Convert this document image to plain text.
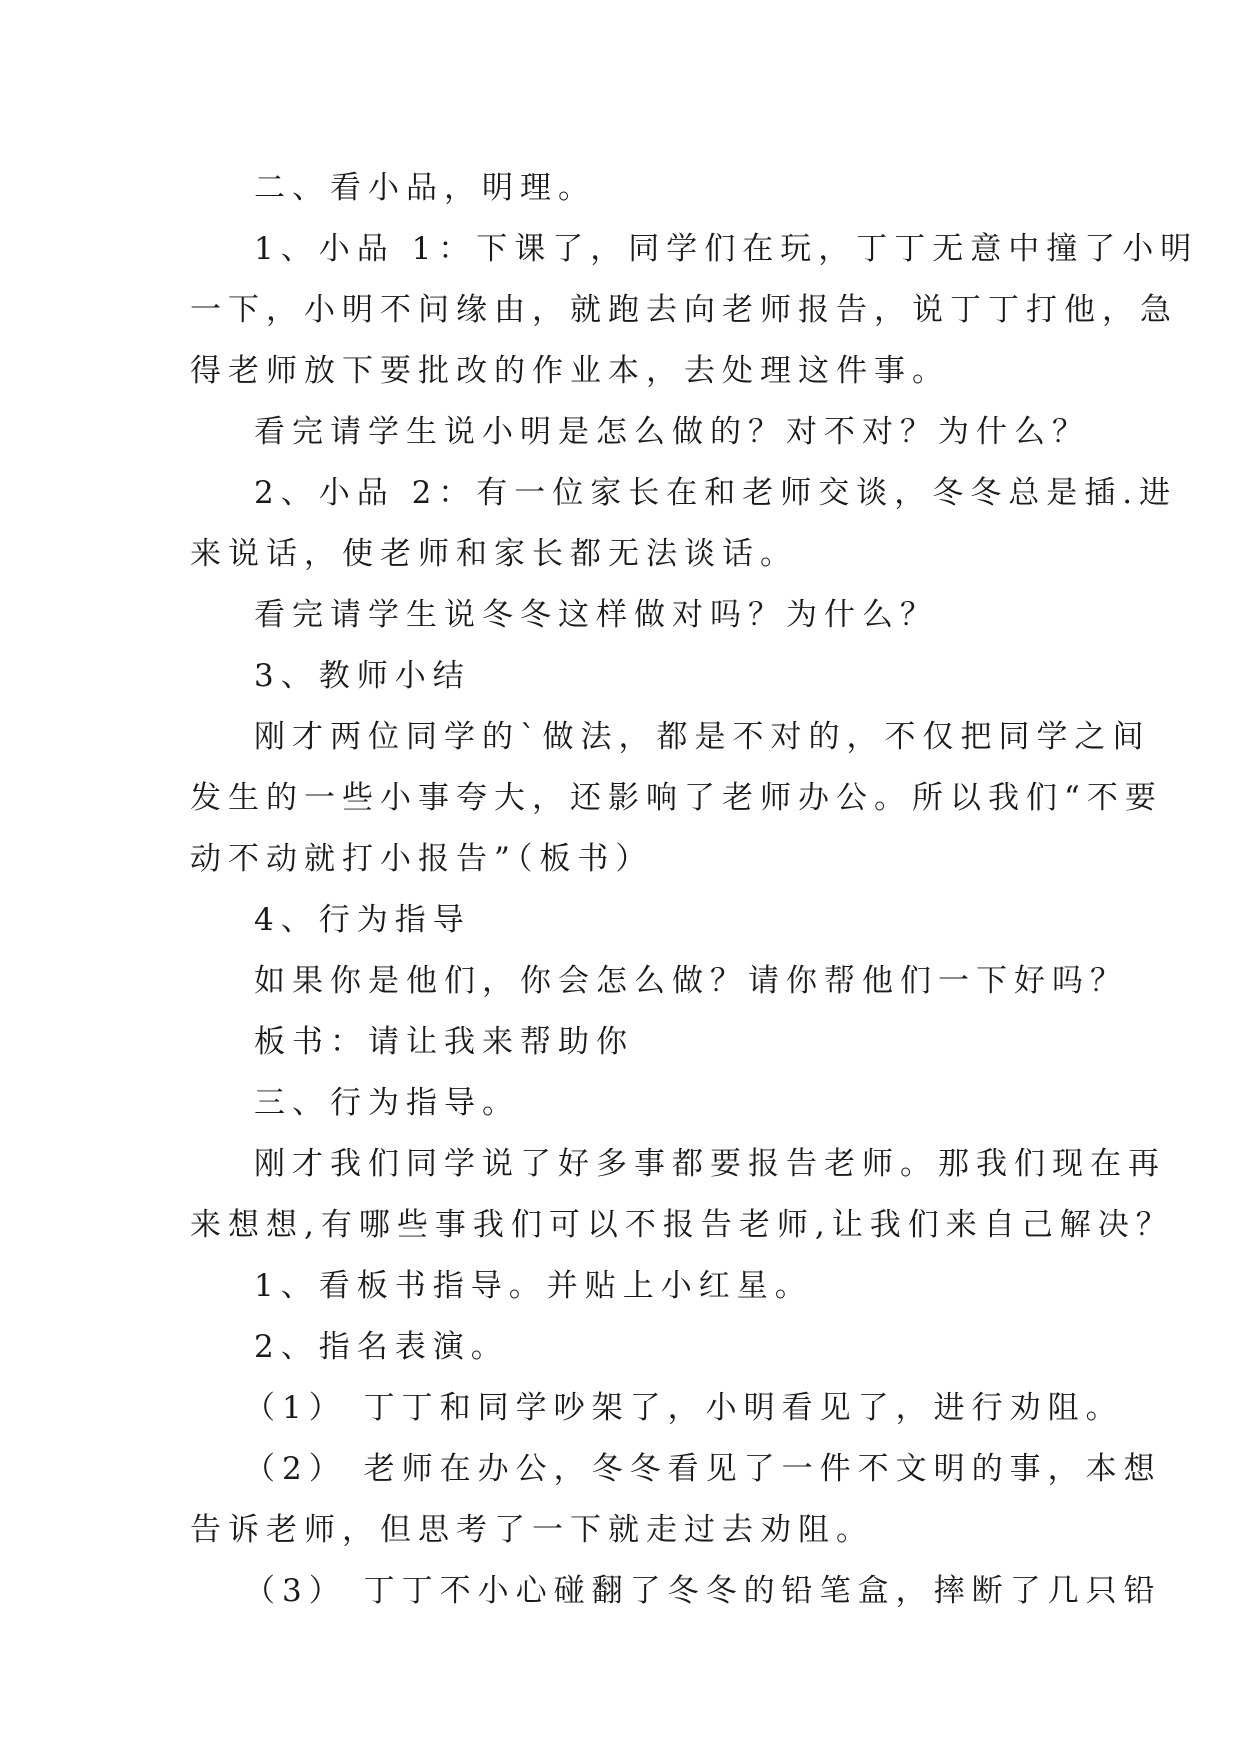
二、看小品，明理。
1、小品 1：下课了，同学们在玩，丁丁无意中撞了小明
一下，小明不问缘由，就跑去向老师报告，说丁丁打他，急
得老师放下要批改的作业本，去处理这件事。
看完请学生说小明是怎么做的？对不对？为什么？
2、小品 2：有一位家长在和老师交谈，冬冬总是插.进
来说话，使老师和家长都无法谈话。
看完请学生说冬冬这样做对吗？为什么？
3、教师小结
刚才两位同学的`做法，都是不对的，不仅把同学之间
发生的一些小事夸大，还影响了老师办公。所以我们“不要
动不动就打小报告”（板书）
4、行为指导
如果你是他们，你会怎么做？请你帮他们一下好吗？
板书：请让我来帮助你
三、行为指导。
刚才我们同学说了好多事都要报告老师。那我们现在再
来想想,有哪些事我们可以不报告老师,让我们来自己解决？
1、看板书指导。并贴上小红星。
2、指名表演。
（1） 丁丁和同学吵架了，小明看见了，进行劝阻。
（2） 老师在办公，冬冬看见了一件不文明的事，本想
告诉老师，但思考了一下就走过去劝阻。
（3） 丁丁不小心碰翻了冬冬的铅笔盒，摔断了几只铅
